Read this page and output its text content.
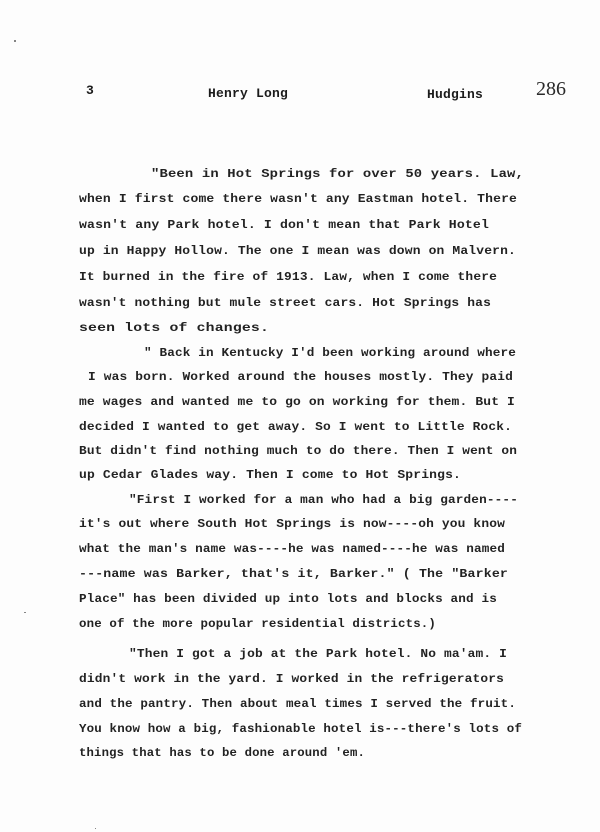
3	Henry Long	Hudgins	286
"Been in Hot Springs for over 50 years. Law,
when I first come there wasn't any Eastman hotel. There
wasn't any Park hotel. I don't mean that Park Hotel
up in Happy Hollow. The one I mean was down on Malvern.
It burned in the fire of 1913. Law, when I come there
wasn't nothing but mule street cars. Hot Springs has
seen lots of changes.
" Back in Kentucky I'd been working around where
I was born. Worked around the houses mostly. They paid
me wages and wanted me to go on working for them. But I
decided I wanted to get away. So I went to Little Rock.
But didn't find nothing much to do there. Then I went on
up Cedar Glades way. Then I come to Hot Springs.
"First I worked for a man who had a big garden----
it's out where South Hot Springs is now----oh you know
what the man's name was----he was named----he was named
---name was Barker, that's it, Barker." ( The "Barker
Place" has been divided up into lots and blocks and is
one of the more popular residential districts.)
"Then I got a job at the Park hotel. No ma'am. I
didn't work in the yard. I worked in the refrigerators
and the pantry. Then about meal times I served the fruit.
You know how a big, fashionable hotel is---there's lots of
things that has to be done around 'em.
